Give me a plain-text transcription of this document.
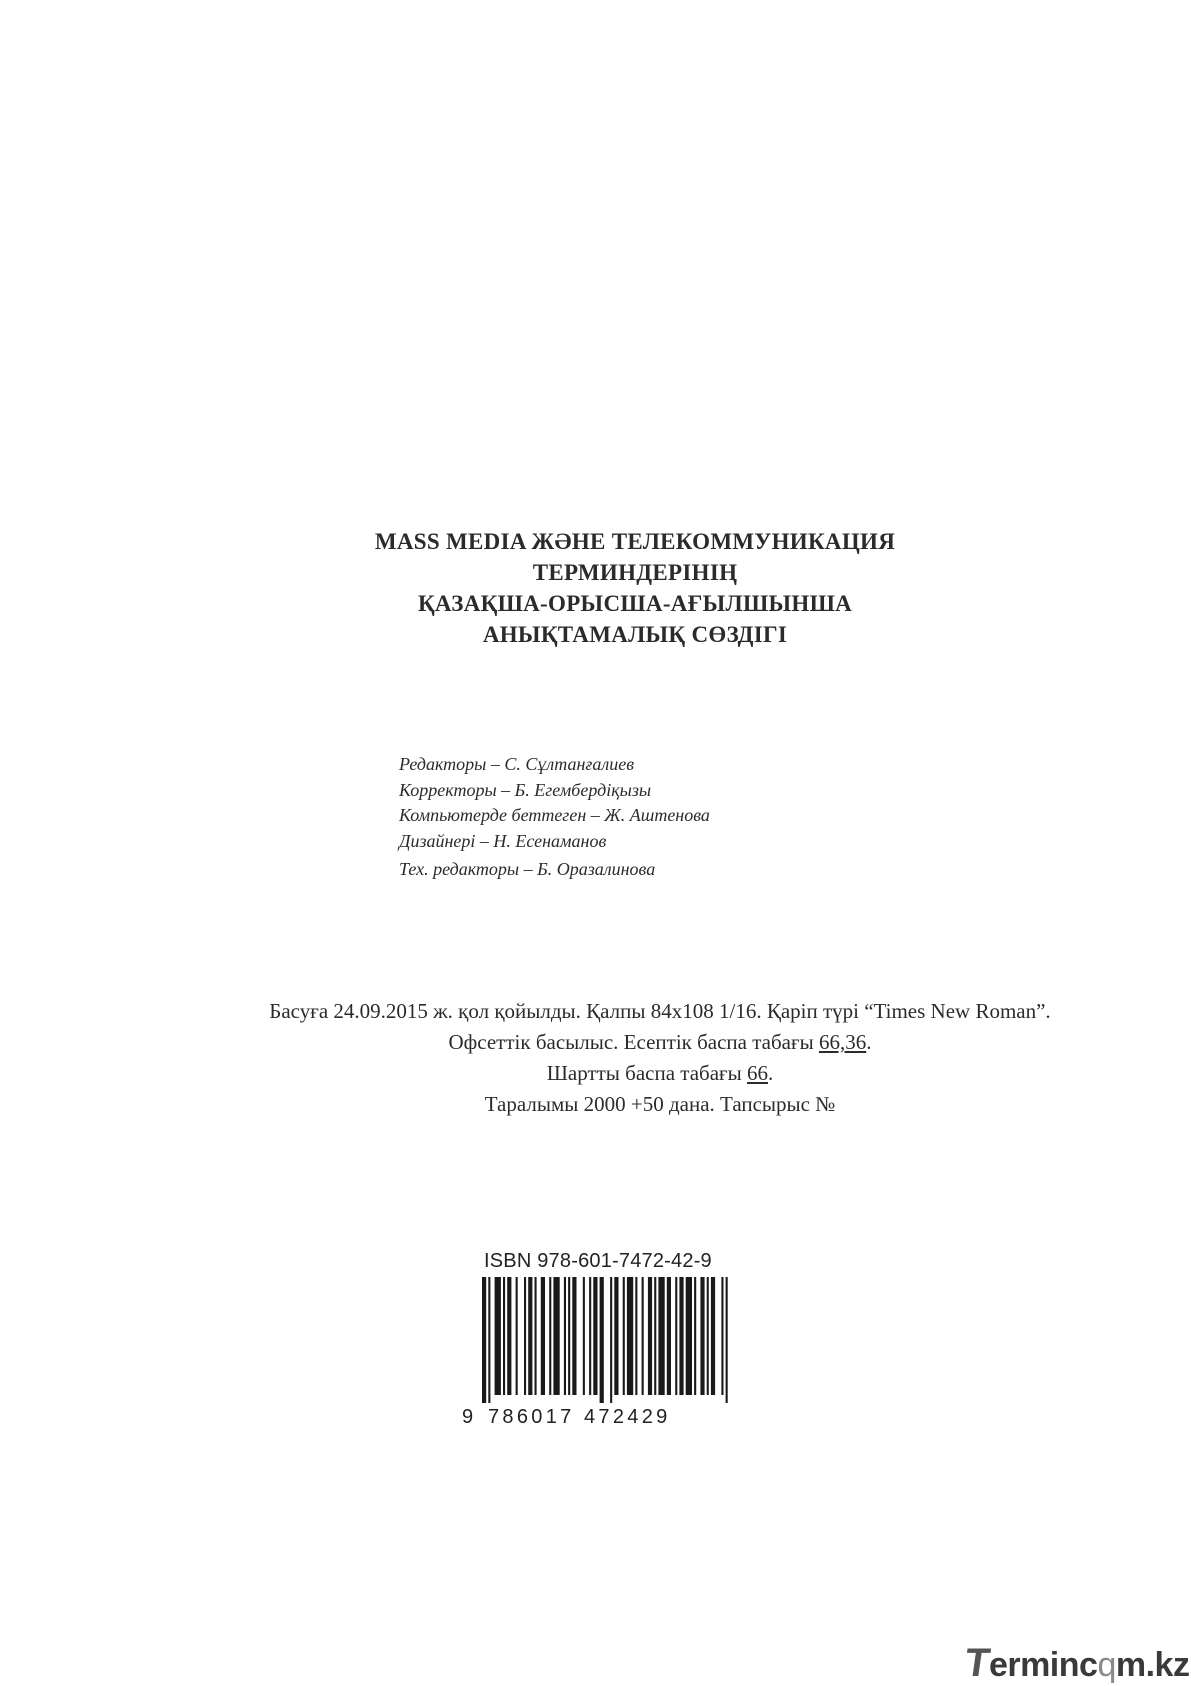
MASS MEDIA ЖӘНЕ ТЕЛЕКОММУНИКАЦИЯ
ТЕРМИНДЕРІНІҢ
ҚАЗАҚША-ОРЫСША-АҒЫЛШЫНША
АНЫҚТАМАЛЫҚ СӨЗДІГІ
Редакторы – С. Сұлтанғалиев
Корректоры – Б. Егембердіқызы
Компьютерде беттеген – Ж. Аштенова
Дизайнері – Н. Есенаманов
Тех. редакторы – Б. Оразалинова
Басуға 24.09.2015 ж. қол қойылды. Қалпы 84х108 1/16. Қаріп түрі “Times New Roman”.
Офсеттік басылыс. Есептік баспа табағы 66,36.
Шартты баспа табағы 66.
Таралымы 2000 +50 дана. Тапсырыс №
ISBN 978-601-7472-42-9
9 786017 472429
Termincqm.kz
